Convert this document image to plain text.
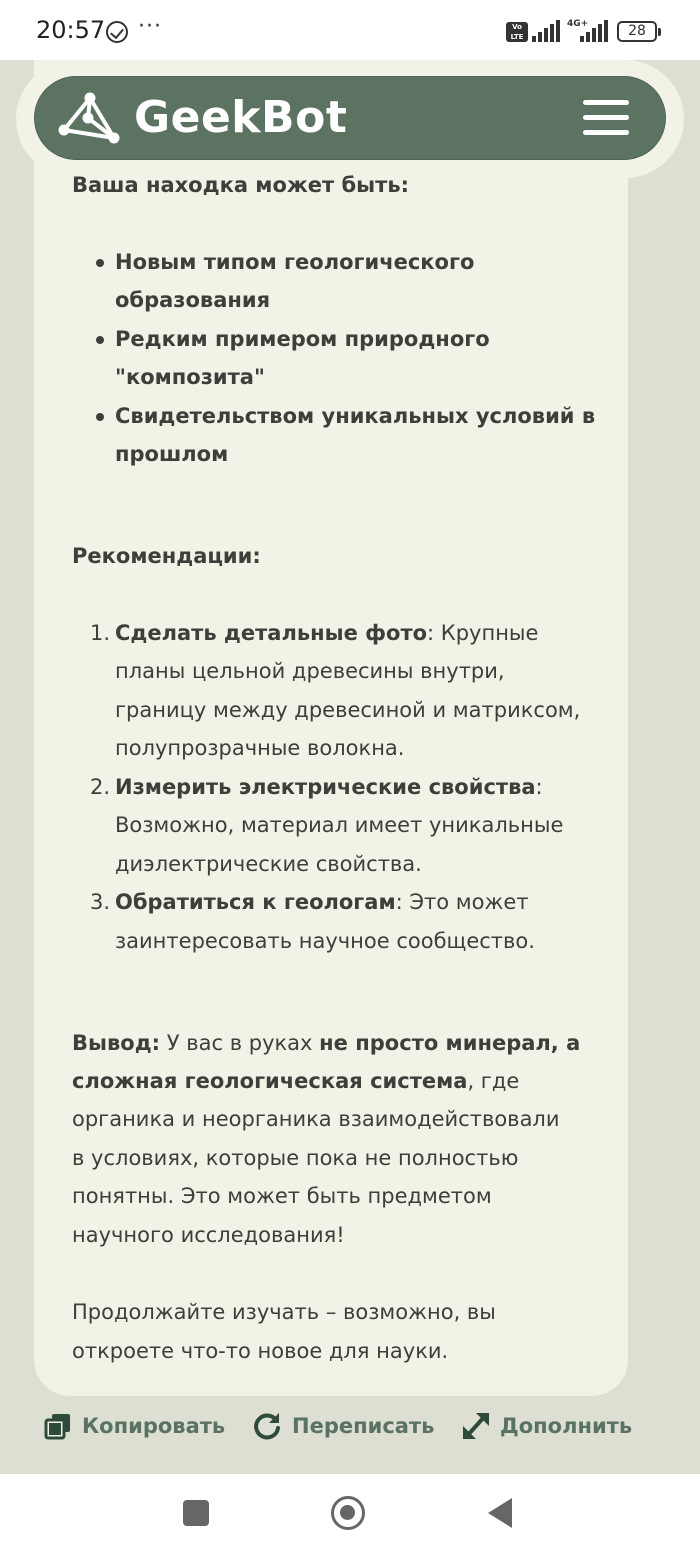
20:57 ···	Vo LTE
4G+	28
GeekBot
Ваша находка может быть:
Новым типом геологического
образования
Редким примером природного
"композита"
Свидетельством уникальных условий в
прошлом
Рекомендации:
1. Сделать детальные фото: Крупные
планы цельной древесины внутри,
границу между древесиной и матриксом,
полупрозрачные волокна.
2. Измерить электрические свойства:
Возможно, материал имеет уникальные
диэлектрические свойства.
3. Обратиться к геологам: Это может
заинтересовать научное сообщество.
Вывод: У вас в руках не просто минерал, а
сложная геологическая система, где
органика и неорганика взаимодействовали
в условиях, которые пока не полностью
понятны. Это может быть предметом
научного исследования!
Продолжайте изучать – возможно, вы
откроете что-то новое для науки.
Копировать	Переписать	Дополнить
